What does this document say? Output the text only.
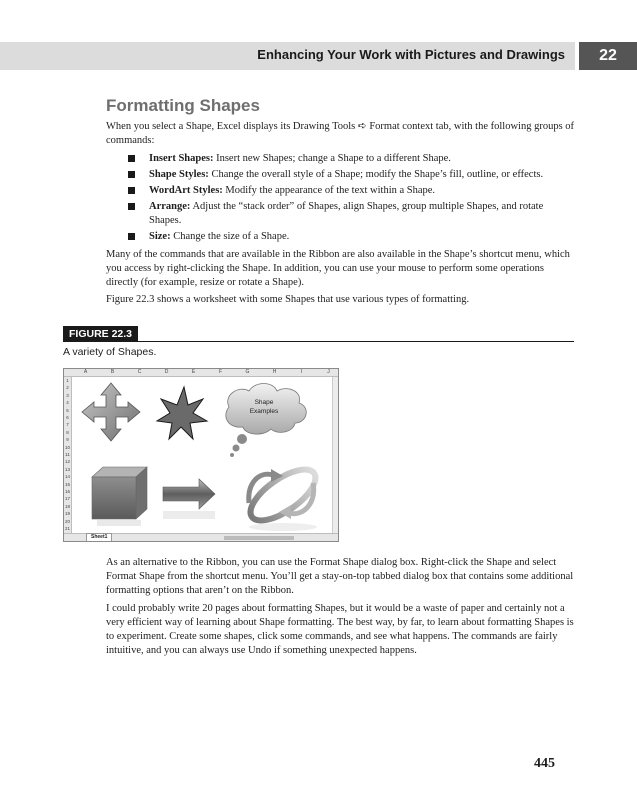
Enhancing Your Work with Pictures and Drawings	22
Formatting Shapes

When you select a Shape, Excel displays its Drawing Tools ➪ Format context tab, with the following groups of commands:

Insert Shapes: Insert new Shapes; change a Shape to a different Shape.
Shape Styles: Change the overall style of a Shape; modify the Shape’s fill, outline, or effects.
WordArt Styles: Modify the appearance of the text within a Shape.
Arrange: Adjust the “stack order” of Shapes, align Shapes, group multiple Shapes, and rotate Shapes.
Size: Change the size of a Shape.

Many of the commands that are available in the Ribbon are also available in the Shape’s shortcut menu, which you access by right-clicking the Shape. In addition, you can use your mouse to perform some operations directly (for example, resize or rotate a Shape).

Figure 22.3 shows a worksheet with some Shapes that use various types of formatting.

FIGURE 22.3
A variety of Shapes.
A	B	C	D	E	F	G	H	I	J
1
2
3
4
5
6
7
8
9
10
11
12
13
14
15
16
17
18
19
20
21
Shape
Examples
Sheet1

As an alternative to the Ribbon, you can use the Format Shape dialog box. Right-click the Shape and select Format Shape from the shortcut menu. You’ll get a stay-on-top tabbed dialog box that contains some additional formatting options that aren’t on the Ribbon.

I could probably write 20 pages about formatting Shapes, but it would be a waste of paper and certainly not a very efficient way of learning about Shape formatting. The best way, by far, to learn about formatting Shapes is to experiment. Create some shapes, click some commands, and see what happens. The commands are fairly intuitive, and you can always use Undo if something unexpected happens.

445
